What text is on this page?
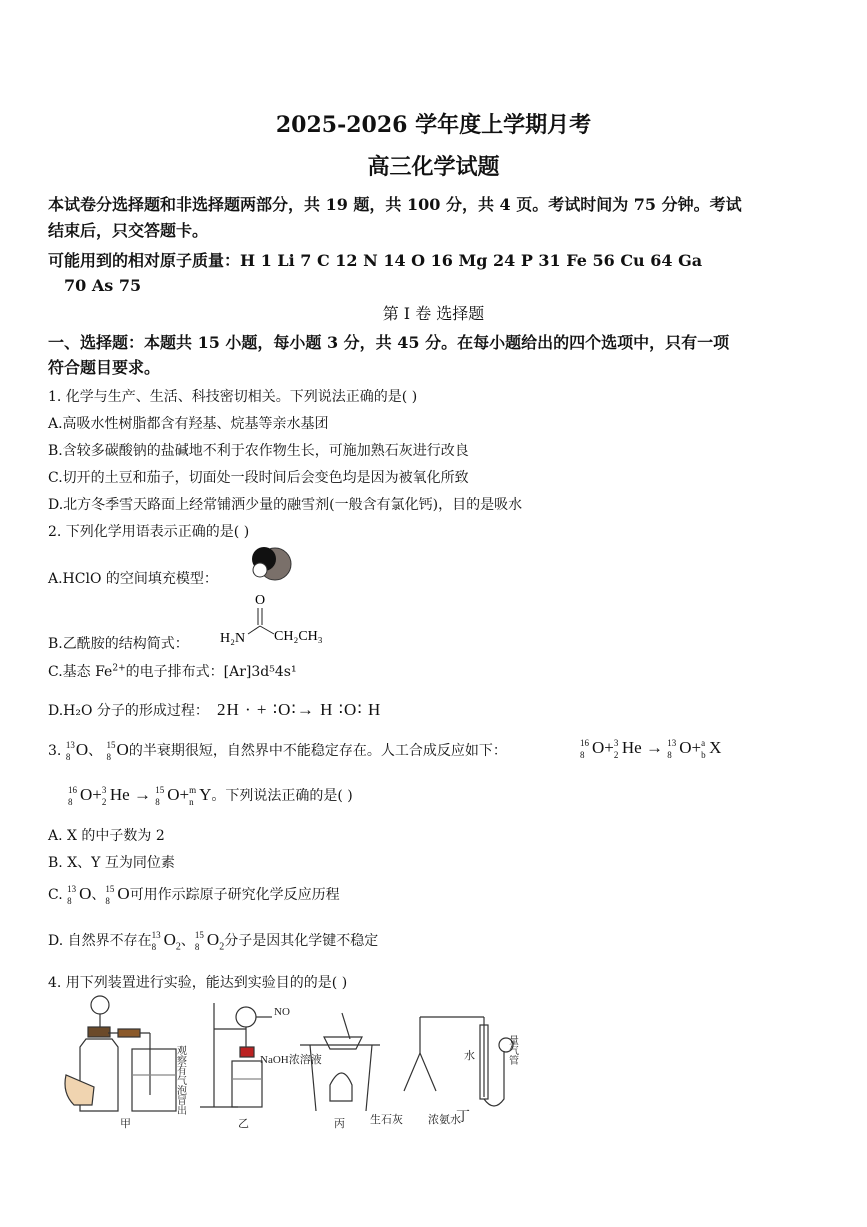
2025-2026 学年度上学期月考
高三化学试题
本试卷分选择题和非选择题两部分，共 19 题，共 100 分，共 4 页。考试时间为 75 分钟。考试
结束后，只交答题卡。
可能用到的相对原子质量：H 1 Li 7 C 12 N 14 O 16 Mg 24 P 31 Fe 56 Cu 64 Ga
70 As 75
第 Ⅰ 卷 选择题
一、选择题：本题共 15 小题，每小题 3 分，共 45 分。在每小题给出的四个选项中，只有一项
符合题目要求。
1. 化学与生产、生活、科技密切相关。下列说法正确的是( )
A.高吸水性树脂都含有羟基、烷基等亲水基团
B.含较多碳酸钠的盐碱地不利于农作物生长，可施加熟石灰进行改良
C.切开的土豆和茄子，切面处一段时间后会变色均是因为被氧化所致
D.北方冬季雪天路面上经常铺洒少量的融雪剂(一般含有氯化钙)，目的是吸水
2. 下列化学用语表示正确的是( )
A.HClO 的空间填充模型：
B.乙酰胺的结构简式：
O
H₂N CH₂CH₃
C.基态 $Fe^{2+}$的电子排布式：[Ar]3d⁵4s¹
D.H₂O 分子的形成过程： 2H · + ∶O∶→ H ∶O∶ H
3. 13
8 O、 15
8 O的半衰期很短，自然界中不能稳定存在。人工合成反应如下：	16
8 O+ 3
2 He → 13
8 O+ a
b X
16
8 O+ 3
2 He → 15
8 O+ m
n Y。下列说法正确的是( )
A. X 的中子数为 2
B. X、Y 互为同位素
C. 13
8 O、 15
8 O可用作示踪原子研究化学反应历程
D. 自然界不存在 13
8 $O_2$、 15
8 $O_2$分子是因其化学键不稳定
4. 用下列装置进行实验，能达到实验目的的是( )
NO
NaOH浓溶液	水
生石灰 浓氨水
甲	乙	丙
观察有气泡冒出	量气管
丁
